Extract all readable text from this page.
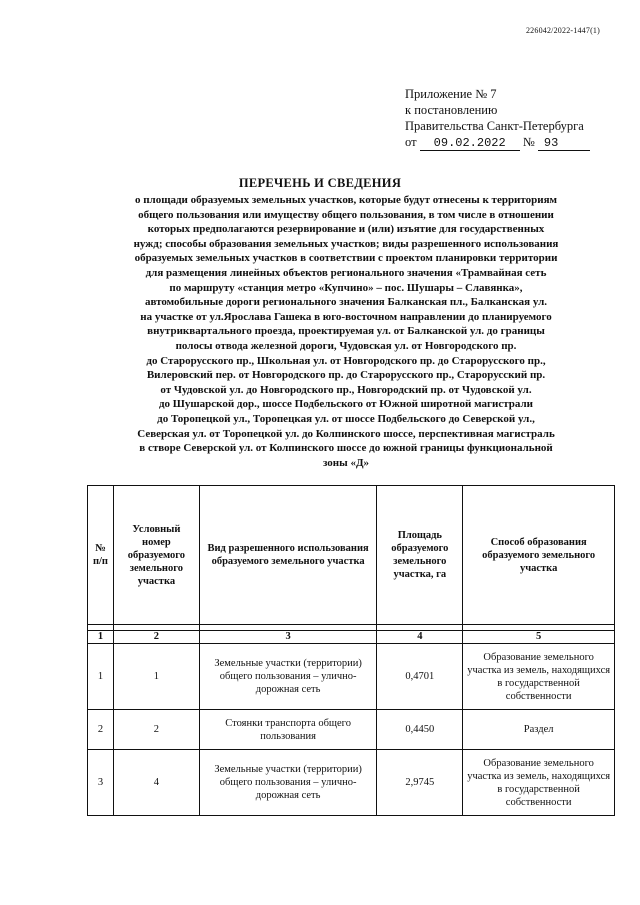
226042/2022-1447(1)
Приложение № 7
к постановлению
Правительства Санкт-Петербурга
от 09.02.2022 № 93
ПЕРЕЧЕНЬ И СВЕДЕНИЯ
о площади образуемых земельных участков, которые будут отнесены к территориям
общего пользования или имуществу общего пользования, в том числе в отношении
которых предполагаются резервирование и (или) изъятие для государственных
нужд; способы образования земельных участков; виды разрешенного использования
образуемых земельных участков в соответствии с проектом планировки территории
для размещения линейных объектов регионального значения «Трамвайная сеть
по маршруту «станция метро «Купчино» – пос. Шушары – Славянка»,
автомобильные дороги регионального значения Балканская пл., Балканская ул.
на участке от ул.Ярослава Гашека в юго-восточном направлении до планируемого
внутриквартального проезда, проектируемая ул. от Балканской ул. до границы
полосы отвода железной дороги, Чудовская ул. от Новгородского пр.
до Старорусского пр., Школьная ул. от Новгородского пр. до Старорусского пр.,
Вилеровский пер. от Новгородского пр. до Старорусского пр., Старорусский пр.
от Чудовской ул. до Новгородского пр., Новгородский пр. от Чудовской ул.
до Шушарской дор., шоссе Подбельского от Южной широтной магистрали
до Торопецкой ул., Торопецкая ул. от шоссе Подбельского до Северской ул.,
Северская ул. от Торопецкой ул. до Колпинского шоссе, перспективная магистраль
в створе Северской ул. от Колпинского шоссе до южной границы функциональной
зоны «Д»
№ п/п	Условный номер образуемого земельного участка	Вид разрешенного использования образуемого земельного участка	Площадь образуемого земельного участка, га	Способ образования образуемого земельного участка

1	2	3	4	5
1	1	Земельные участки (территории) общего пользования – улично-дорожная сеть	0,4701	Образование земельного участка из земель, находящихся в государственной собственности
2	2	Стоянки транспорта общего пользования	0,4450	Раздел
3	4	Земельные участки (территории) общего пользования – улично-дорожная сеть	2,9745	Образование земельного участка из земель, находящихся в государственной собственности
